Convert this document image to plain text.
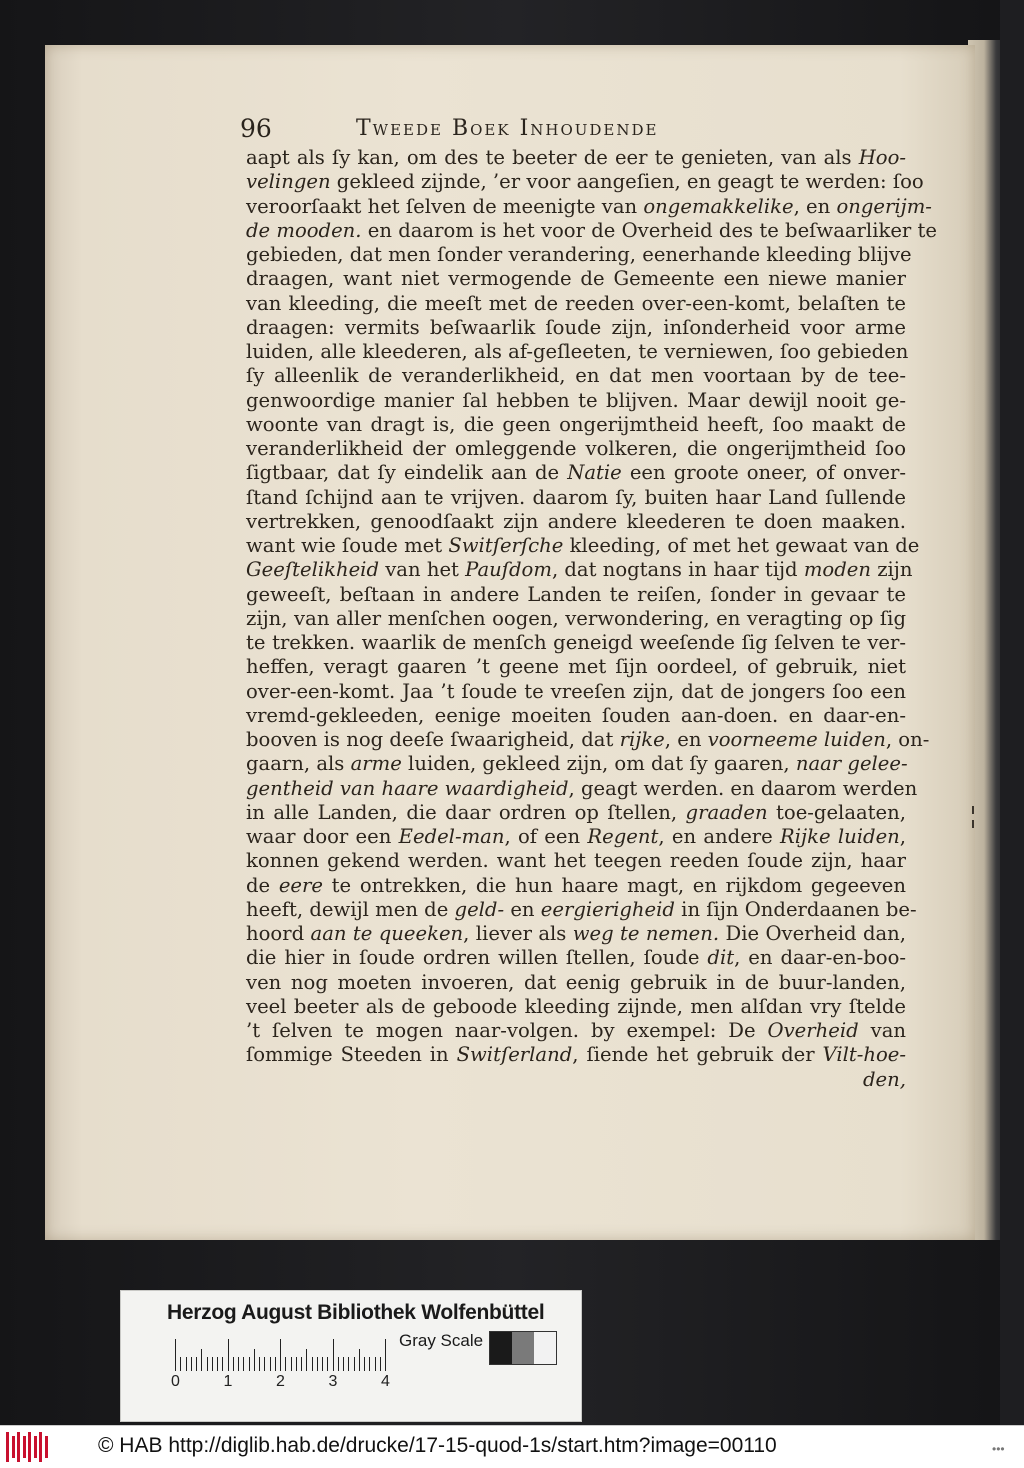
96	Tweede Boek Inhoudende
aapt als ſy kan, om des te beeter de eer te genieten, van als Hoo-
velingen gekleed zijnde, ’er voor aangeſien, en geagt te werden: ſoo
veroorſaakt het ſelven de meenigte van ongemakkelike, en ongerijm-
de mooden. en daarom is het voor de Overheid des te beſwaarliker te
gebieden, dat men ſonder verandering, eenerhande kleeding blijve
draagen, want niet vermogende de Gemeente een niewe manier
van kleeding, die meeſt met de reeden over-een-komt, belaſten te
draagen: vermits beſwaarlik ſoude zijn, inſonderheid voor arme
luiden, alle kleederen, als af-geſleeten, te verniewen, ſoo gebieden
ſy alleenlik de veranderlikheid, en dat men voortaan by de tee-
genwoordige manier ſal hebben te blijven. Maar dewijl nooit ge-
woonte van dragt is, die geen ongerijmtheid heeft, ſoo maakt de
veranderlikheid der omleggende volkeren, die ongerijmtheid ſoo
ſigtbaar, dat ſy eindelik aan de Natie een groote oneer, of onver-
ſtand ſchijnd aan te vrijven. daarom ſy, buiten haar Land ſullende
vertrekken, genoodſaakt zijn andere kleederen te doen maaken.
want wie ſoude met Switſerſche kleeding, of met het gewaat van de
Geeſtelikheid van het Pauſdom, dat nogtans in haar tijd moden zijn
geweeſt, beſtaan in andere Landen te reiſen, ſonder in gevaar te
zijn, van aller menſchen oogen, verwondering, en veragting op ſig
te trekken. waarlik de menſch geneigd weeſende ſig ſelven te ver-
heffen, veragt gaaren ’t geene met ſijn oordeel, of gebruik, niet
over-een-komt. Jaa ’t ſoude te vreeſen zijn, dat de jongers ſoo een
vremd-gekleeden, eenige moeiten ſouden aan-doen. en daar-en-
booven is nog deeſe ſwaarigheid, dat rijke, en voorneeme luiden, on-
gaarn, als arme luiden, gekleed zijn, om dat ſy gaaren, naar gelee-
gentheid van haare waardigheid, geagt werden. en daarom werden
in alle Landen, die daar ordren op ſtellen, graaden toe-gelaaten,
waar door een Eedel-man, of een Regent, en andere Rijke luiden,
konnen gekend werden. want het teegen reeden ſoude zijn, haar
de eere te ontrekken, die hun haare magt, en rijkdom gegeeven
heeft, dewijl men de geld- en eergierigheid in ſijn Onderdaanen be-
hoord aan te queeken, liever als weg te nemen. Die Overheid dan,
die hier in ſoude ordren willen ſtellen, ſoude dit, en daar-en-boo-
ven nog moeten invoeren, dat eenig gebruik in de buur-landen,
veel beeter als de geboode kleeding zijnde, men alſdan vry ſtelde
’t ſelven te mogen naar-volgen. by exempel: De Overheid van
ſommige Steeden in Switſerland, ſiende het gebruik der Vilt-hoe-
den,
Herzog August Bibliothek Wolfenbüttel
0	1	2	3	4
Gray Scale
© HAB http://diglib.hab.de/drucke/17-15-quod-1s/start.htm?image=00110	•••
